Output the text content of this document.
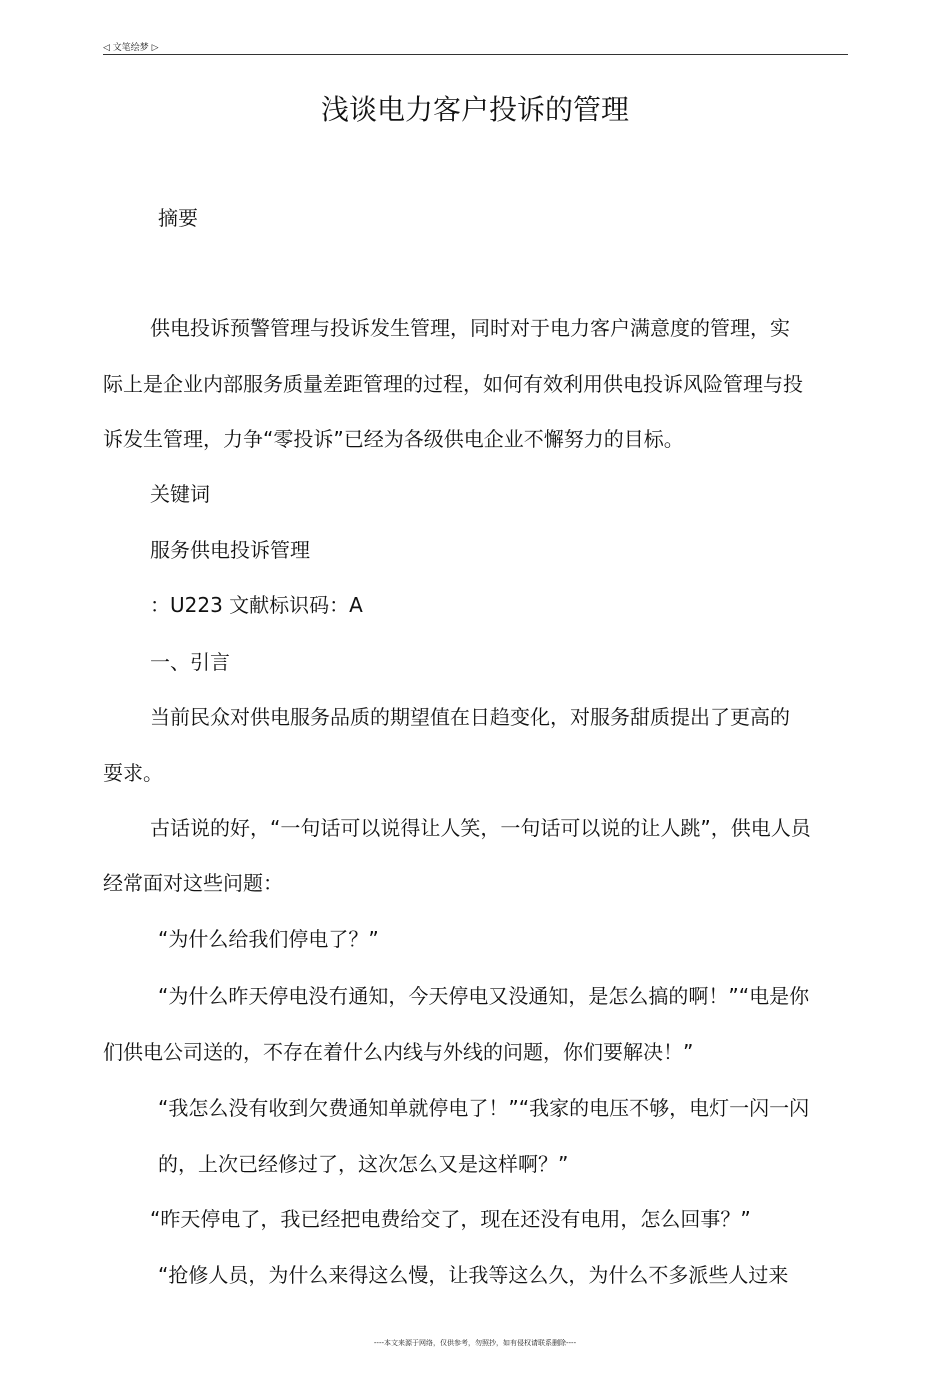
◁ 文笔绘梦 ▷
浅谈电力客户投诉的管理
摘要
供电投诉预警管理与投诉发生管理，同时对于电力客户满意度的管理，实
际上是企业内部服务质量差距管理的过程，如何有效利用供电投诉风险管理与投
诉发生管理，力争“零投诉”已经为各级供电企业不懈努力的目标。
关键词
服务供电投诉管理
：U223 文献标识码：A
一、引言
当前民众对供电服务品质的期望值在日趋变化，对服务甜质提出了更高的
耍求。
古话说的好，“一句话可以说得让人笑，一句话可以说的让人跳”，供电人员
经常面对这些问题：
“为什么给我们停电了？”
“为什么昨天停电没冇通知，今天停电又没通知，是怎么搞的啊！”“电是你
们供电公司送的，不存在着什么内线与外线的问题，你们要解决！”
“我怎么没有收到欠费通知单就停电了！”“我家的电压不够，电灯一闪一闪
的，上次已经修过了，这次怎么又是这样啊？”
“昨天停电了，我已经把电费给交了，现在还没有电用，怎么回事？”
“抢修人员，为什么来得这么慢，让我等这么久，为什么不多派些人过来
----本文来源于网络，仅供参考，勿照抄，如有侵权请联系删除----
